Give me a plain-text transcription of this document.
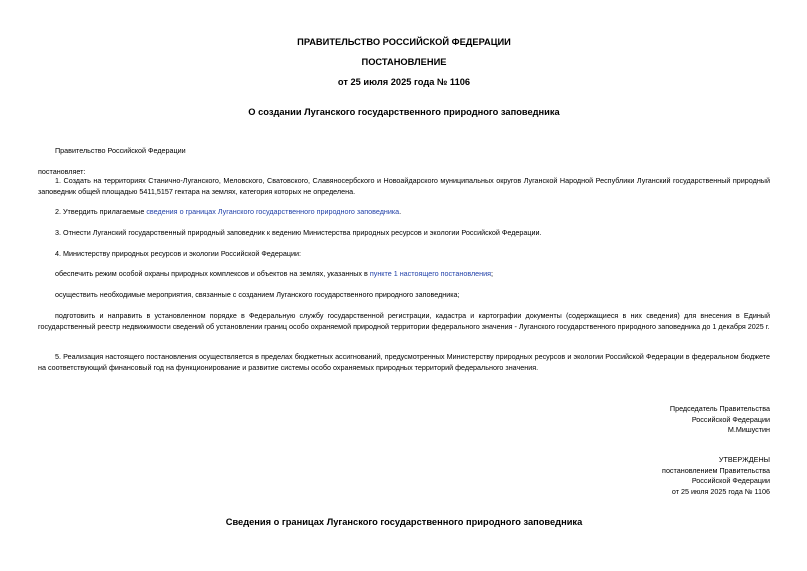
ПРАВИТЕЛЬСТВО РОССИЙСКОЙ ФЕДЕРАЦИИ
ПОСТАНОВЛЕНИЕ
от 25 июля 2025 года № 1106
О создании Луганского государственного природного заповедника
Правительство Российской Федерации
постановляет:
1. Создать на территориях Станично-Луганского, Меловского, Сватовского, Славяносербского и Новоайдарского муниципальных округов Луганской Народной Республики Луганский государственный природный заповедник общей площадью 5411,5157 гектара на землях, категория которых не определена.
2. Утвердить прилагаемые сведения о границах Луганского государственного природного заповедника.
3. Отнести Луганский государственный природный заповедник к ведению Министерства природных ресурсов и экологии Российской Федерации.
4. Министерству природных ресурсов и экологии Российской Федерации:
обеспечить режим особой охраны природных комплексов и объектов на землях, указанных в пункте 1 настоящего постановления;
осуществить необходимые мероприятия, связанные с созданием Луганского государственного природного заповедника;
подготовить и направить в установленном порядке в Федеральную службу государственной регистрации, кадастра и картографии документы (содержащиеся в них сведения) для внесения в Единый государственный реестр недвижимости сведений об установлении границ особо охраняемой природной территории федерального значения - Луганского государственного природного заповедника до 1 декабря 2025 г.
5. Реализация настоящего постановления осуществляется в пределах бюджетных ассигнований, предусмотренных Министерству природных ресурсов и экологии Российской Федерации в федеральном бюджете на соответствующий финансовый год на функционирование и развитие системы особо охраняемых природных территорий федерального значения.
Председатель Правительства
Российской Федерации
М.Мишустин
УТВЕРЖДЕНЫ
постановлением Правительства
Российской Федерации
от 25 июля 2025 года № 1106
Сведения о границах Луганского государственного природного заповедника
